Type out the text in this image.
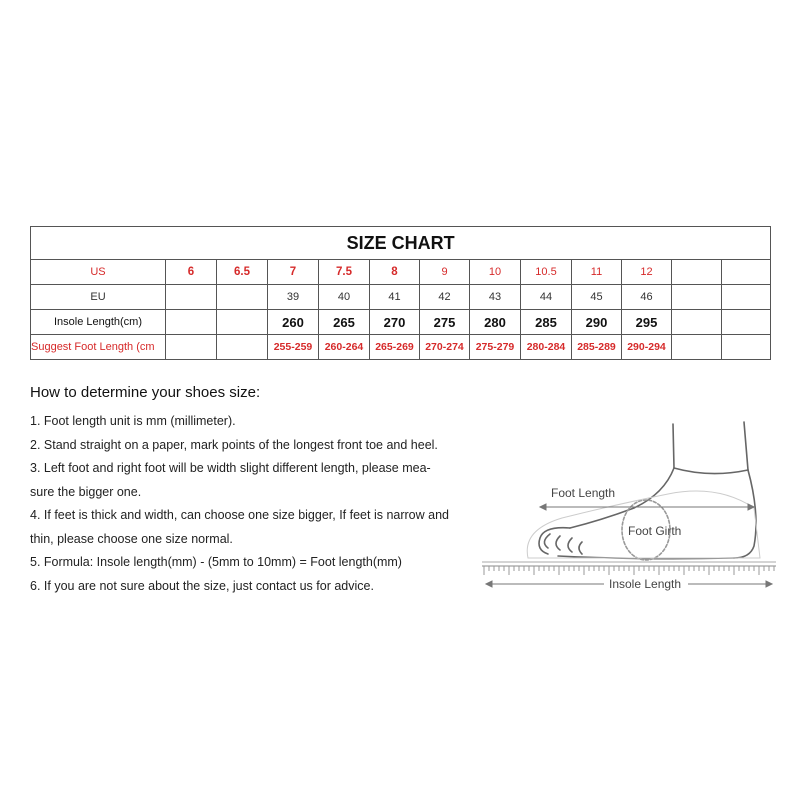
SIZE CHART												
US	6	6.5	7	7.5	8	9	10	10.5	11	12		
EU			39	40	41	42	43	44	45	46		
Insole Length(cm)			260	265	270	275	280	285	290	295		
Suggest Foot Length (cm			255-259	260-264	265-269	270-274	275-279	280-284	285-289	290-294		
How to determine your shoes size:
1. Foot length unit is mm (millimeter).
2. Stand straight on a paper, mark points of the longest front toe and heel.
3. Left foot and right foot will be width slight different length, please mea-
sure the bigger one.
4. If feet is thick and width, can choose one size bigger, If feet is narrow and
thin, please choose one size normal.
5. Formula: Insole length(mm) - (5mm to 10mm) = Foot length(mm)
6. If you are not sure about the size, just contact us for advice.
Foot Length
Foot Girth
Insole Length
